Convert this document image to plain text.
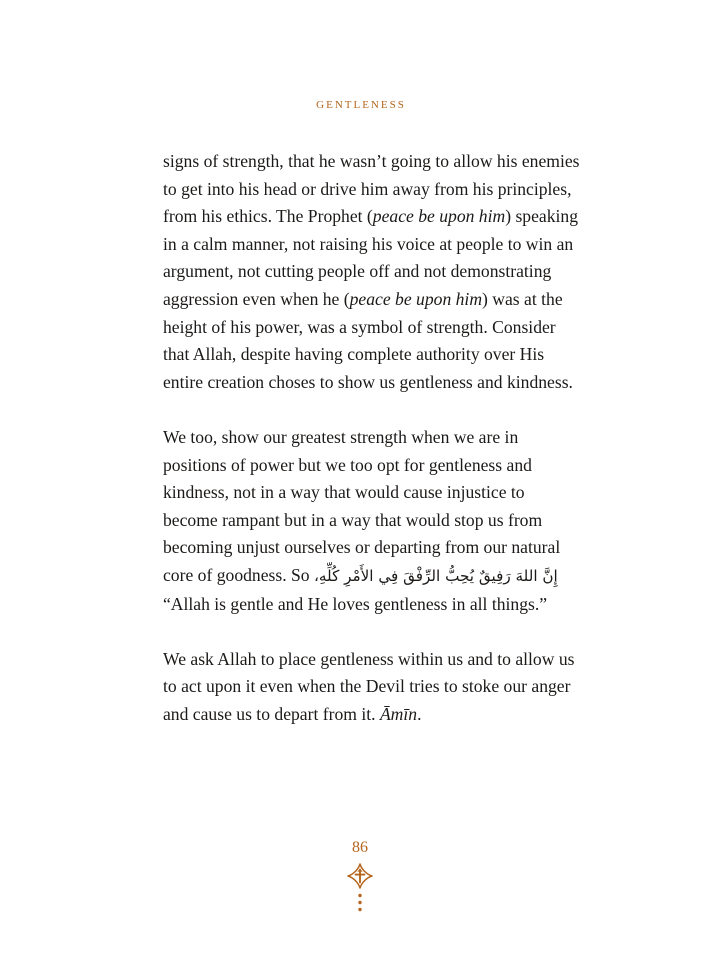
GENTLENESS

signs of strength, that he wasn’t going to allow his enemies to get into his head or drive him away from his principles, from his ethics. The Prophet (peace be upon him) speaking in a calm manner, not raising his voice at people to win an argument, not cutting people off and not demonstrating aggression even when he (peace be upon him) was at the height of his power, was a symbol of strength. Consider that Allah, despite having complete authority over His entire creation choses to show us gentleness and kindness.

We too, show our greatest strength when we are in positions of power but we too opt for gentleness and kindness, not in a way that would cause injustice to become rampant but in a way that would stop us from becoming unjust ourselves or departing from our natural core of goodness. So إِنَّ اللهَ رَفِيقٌ يُحِبُّ الرِّفْقَ فِي الأَمْرِ كُلِّهِ، “Allah is gentle and He loves gentleness in all things.”

We ask Allah to place gentleness within us and to allow us to act upon it even when the Devil tries to stoke our anger and cause us to depart from it. Āmīn.

86
